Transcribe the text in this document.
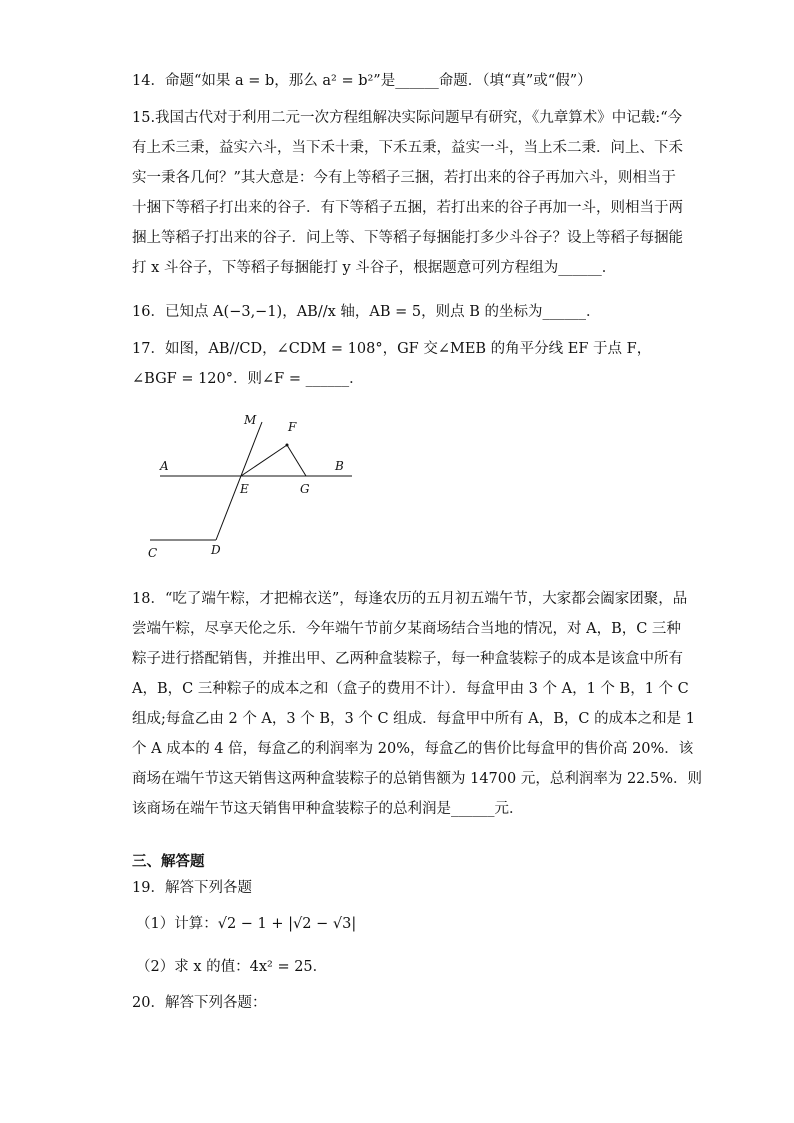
14．命题“如果 a = b，那么 a² = b²”是______命题．（填“真”或“假”）
15.我国古代对于利用二元一次方程组解决实际问题早有研究，《九章算术》中记载:“今
有上禾三秉，益实六斗，当下禾十秉，下禾五秉，益实一斗，当上禾二秉．问上、下禾
实一秉各几何？”其大意是：今有上等稻子三捆，若打出来的谷子再加六斗，则相当于
十捆下等稻子打出来的谷子．有下等稻子五捆，若打出来的谷子再加一斗，则相当于两
捆上等稻子打出来的谷子．问上等、下等稻子每捆能打多少斗谷子？设上等稻子每捆能
打 x 斗谷子，下等稻子每捆能打 y 斗谷子，根据题意可列方程组为______．
16．已知点 A(−3,−1)，AB//x 轴，AB = 5，则点 B 的坐标为______．
17．如图，AB//CD，∠CDM = 108°，GF 交∠MEB 的角平分线 EF 于点 F，
∠BGF = 120°．则∠F = ______．
M	F
A	B
E	G
C	D
18．“吃了端午粽，才把棉衣送”，每逢农历的五月初五端午节，大家都会阖家团聚，品
尝端午粽，尽享天伦之乐．今年端午节前夕某商场结合当地的情况，对 A，B，C 三种
粽子进行搭配销售，并推出甲、乙两种盒装粽子，每一种盒装粽子的成本是该盒中所有
A，B，C 三种粽子的成本之和（盒子的费用不计）．每盒甲由 3 个 A，1 个 B，1 个 C
组成;每盒乙由 2 个 A，3 个 B，3 个 C 组成．每盒甲中所有 A，B，C 的成本之和是 1
个 A 成本的 4 倍，每盒乙的利润率为 20%，每盒乙的售价比每盒甲的售价高 20%．该
商场在端午节这天销售这两种盒装粽子的总销售额为 14700 元，总利润率为 22.5%．则
该商场在端午节这天销售甲种盒装粽子的总利润是______元．
三、解答题
19．解答下列各题
（1）计算：√2 − 1 + |√2 − √3|
（2）求 x 的值：4x² = 25．
20．解答下列各题：
